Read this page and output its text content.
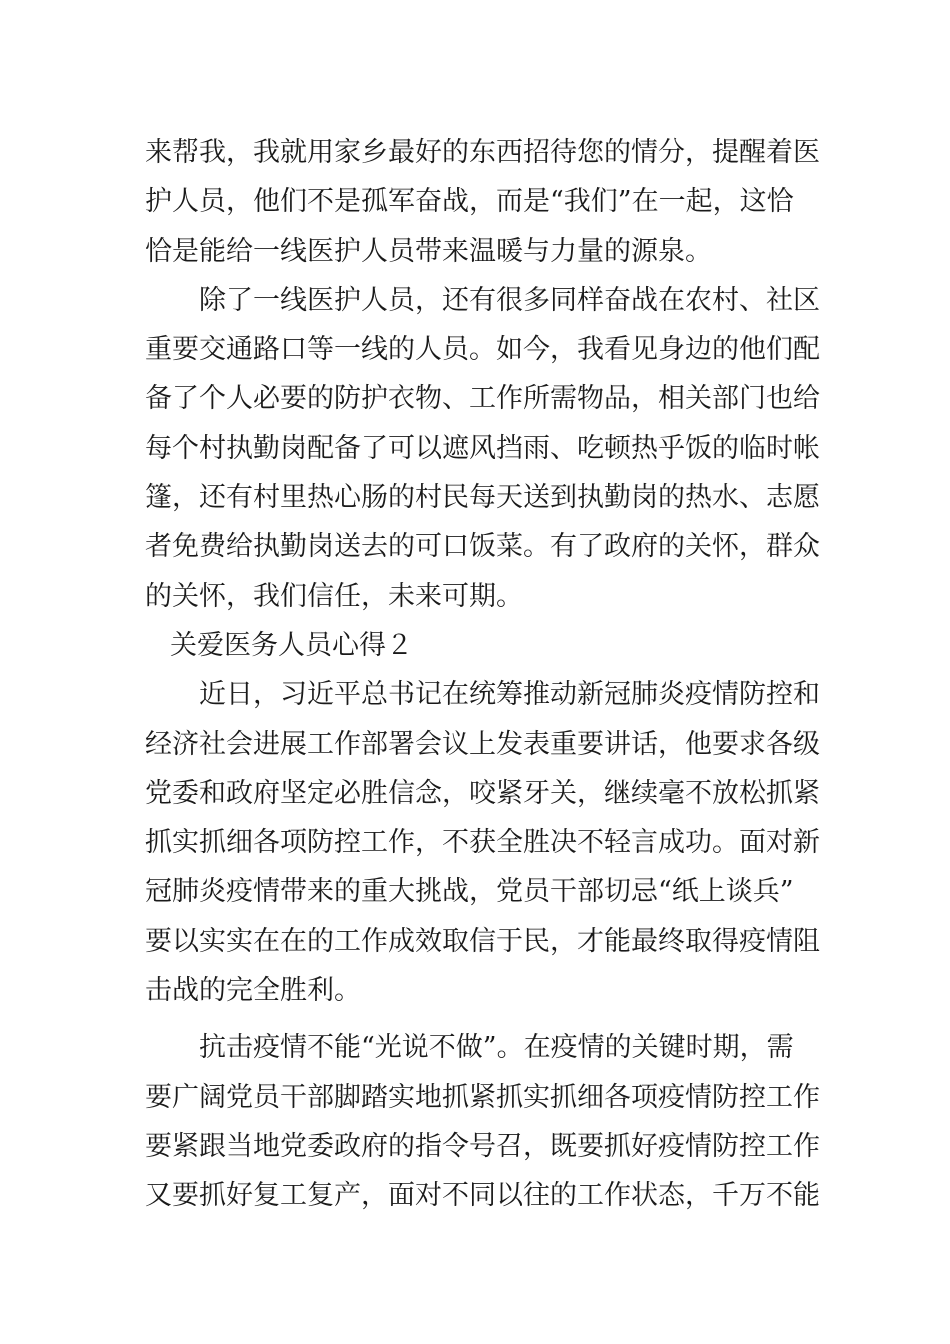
来帮我，我就用家乡最好的东西招待您的情分，提醒着医
护人员，他们不是孤军奋战，而是“我们”在一起，这恰
恰是能给一线医护人员带来温暖与力量的源泉。
除了一线医护人员，还有很多同样奋战在农村、社区
重要交通路口等一线的人员。如今，我看见身边的他们配
备了个人必要的防护衣物、工作所需物品，相关部门也给
每个村执勤岗配备了可以遮风挡雨、吃顿热乎饭的临时帐
篷，还有村里热心肠的村民每天送到执勤岗的热水、志愿
者免费给执勤岗送去的可口饭菜。有了政府的关怀，群众
的关怀，我们信任，未来可期。
关爱医务人员心得２
近日，习近平总书记在统筹推动新冠肺炎疫情防控和
经济社会进展工作部署会议上发表重要讲话，他要求各级
党委和政府坚定必胜信念，咬紧牙关，继续毫不放松抓紧
抓实抓细各项防控工作，不获全胜决不轻言成功。面对新
冠肺炎疫情带来的重大挑战，党员干部切忌“纸上谈兵”
要以实实在在的工作成效取信于民，才能最终取得疫情阻
击战的完全胜利。
抗击疫情不能“光说不做”。在疫情的关键时期，需
要广阔党员干部脚踏实地抓紧抓实抓细各项疫情防控工作
要紧跟当地党委政府的指令号召，既要抓好疫情防控工作
又要抓好复工复产，面对不同以往的工作状态，千万不能
